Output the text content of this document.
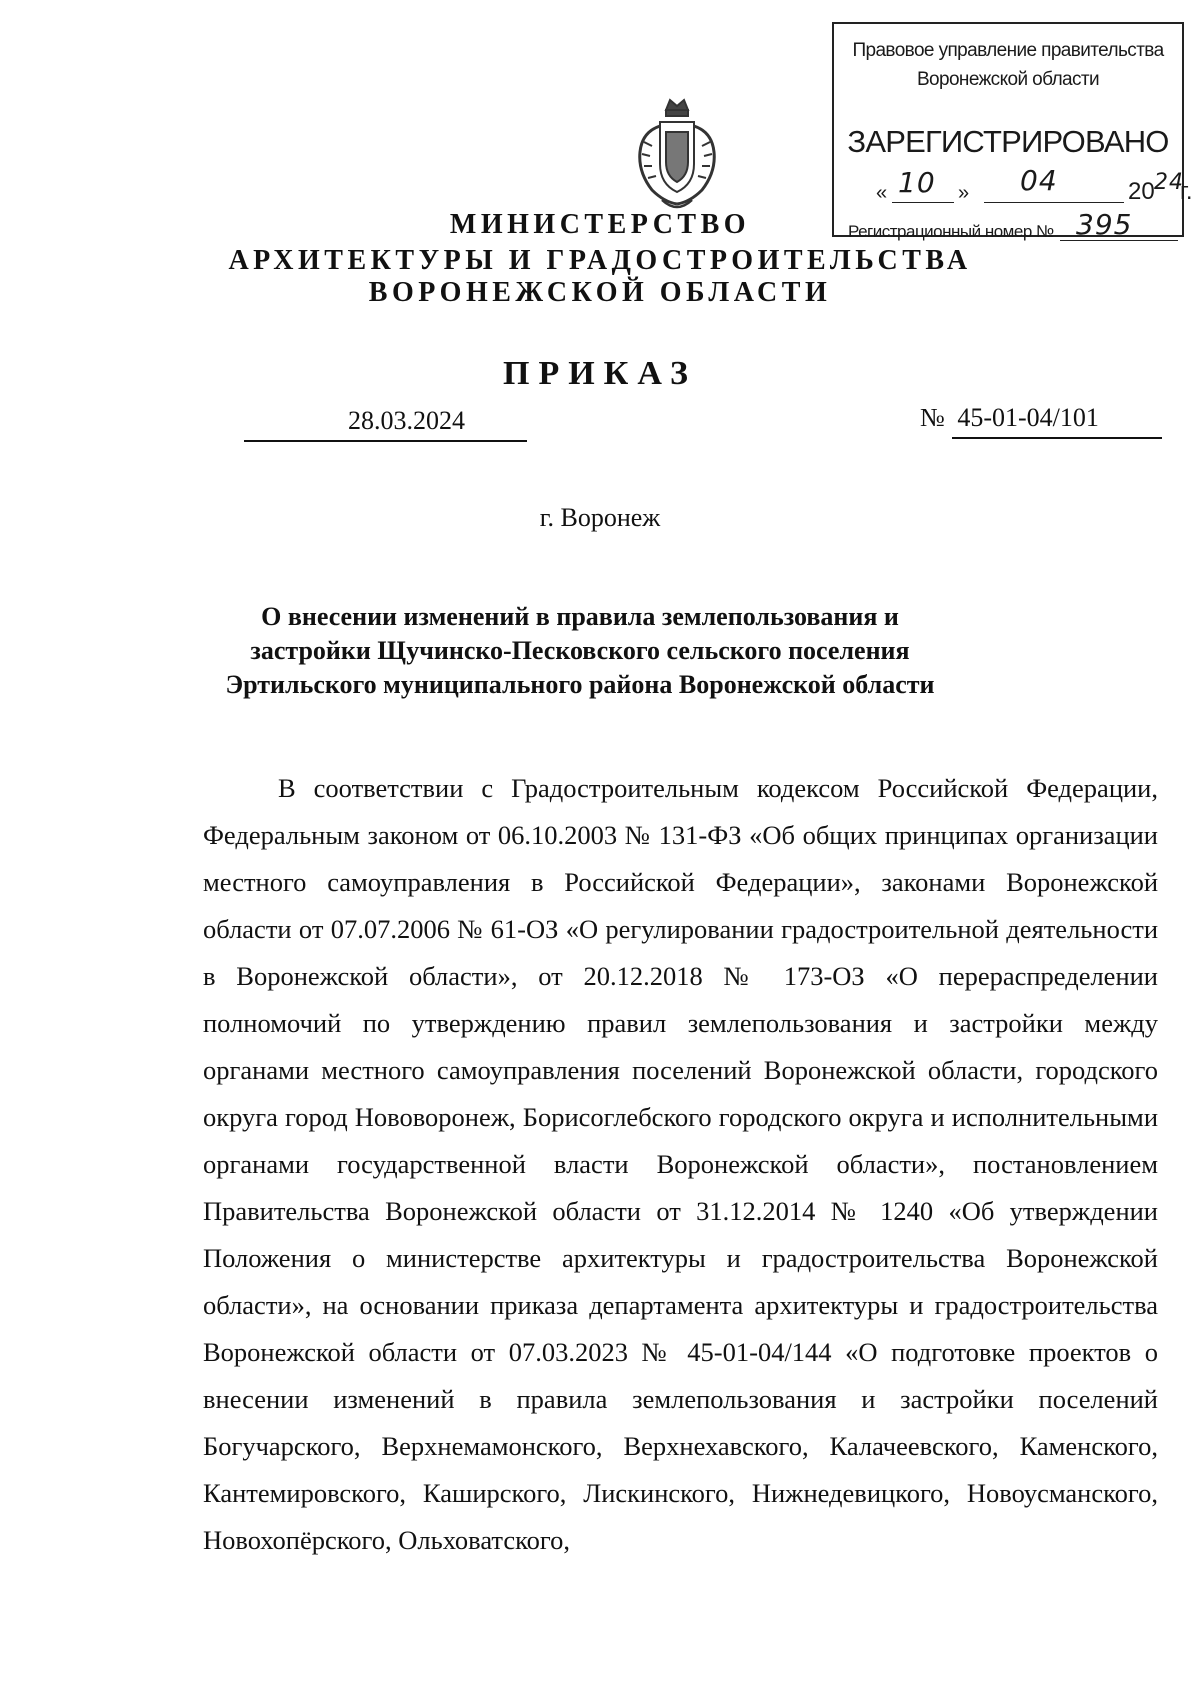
Правовое управление правительства
Воронежской области
ЗАРЕГИСТРИРОВАНО
« 10 » 04	20 24
г.
Регистрационный номер № 395
МИНИСТЕРСТВО
АРХИТЕКТУРЫ И ГРАДОСТРОИТЕЛЬСТВА
ВОРОНЕЖСКОЙ ОБЛАСТИ
ПРИКАЗ
28.03.2024	№ 45-01-04/101
г. Воронеж
О внесении изменений в правила землепользования и застройки Щучинско-Песковского сельского поселения Эртильского муниципального района Воронежской области
В соответствии с Градостроительным кодексом Российской Федерации, Федеральным законом от 06.10.2003 № 131-ФЗ «Об общих принципах организации местного самоуправления в Российской Федерации», законами Воронежской области от 07.07.2006 № 61-ОЗ «О регулировании градостроительной деятельности в Воронежской области», от 20.12.2018 № 173-ОЗ «О перераспределении полномочий по утверждению правил землепользования и застройки между органами местного самоуправления поселений Воронежской области, городского округа город Нововоронеж, Борисоглебского городского округа и исполнительными органами государственной власти Воронежской области», постановлением Правительства Воронежской области от 31.12.2014 № 1240 «Об утверждении Положения о министерстве архитектуры и градостроительства Воронежской области», на основании приказа департамента архитектуры и градостроительства Воронежской области от 07.03.2023 № 45-01-04/144 «О подготовке проектов о внесении изменений в правила землепользования и застройки поселений Богучарского, Верхнемамонского, Верхнехавского, Калачеевского, Каменского, Кантемировского, Каширского, Лискинского, Нижнедевицкого, Новоусманского, Новохопёрского, Ольховатского,
